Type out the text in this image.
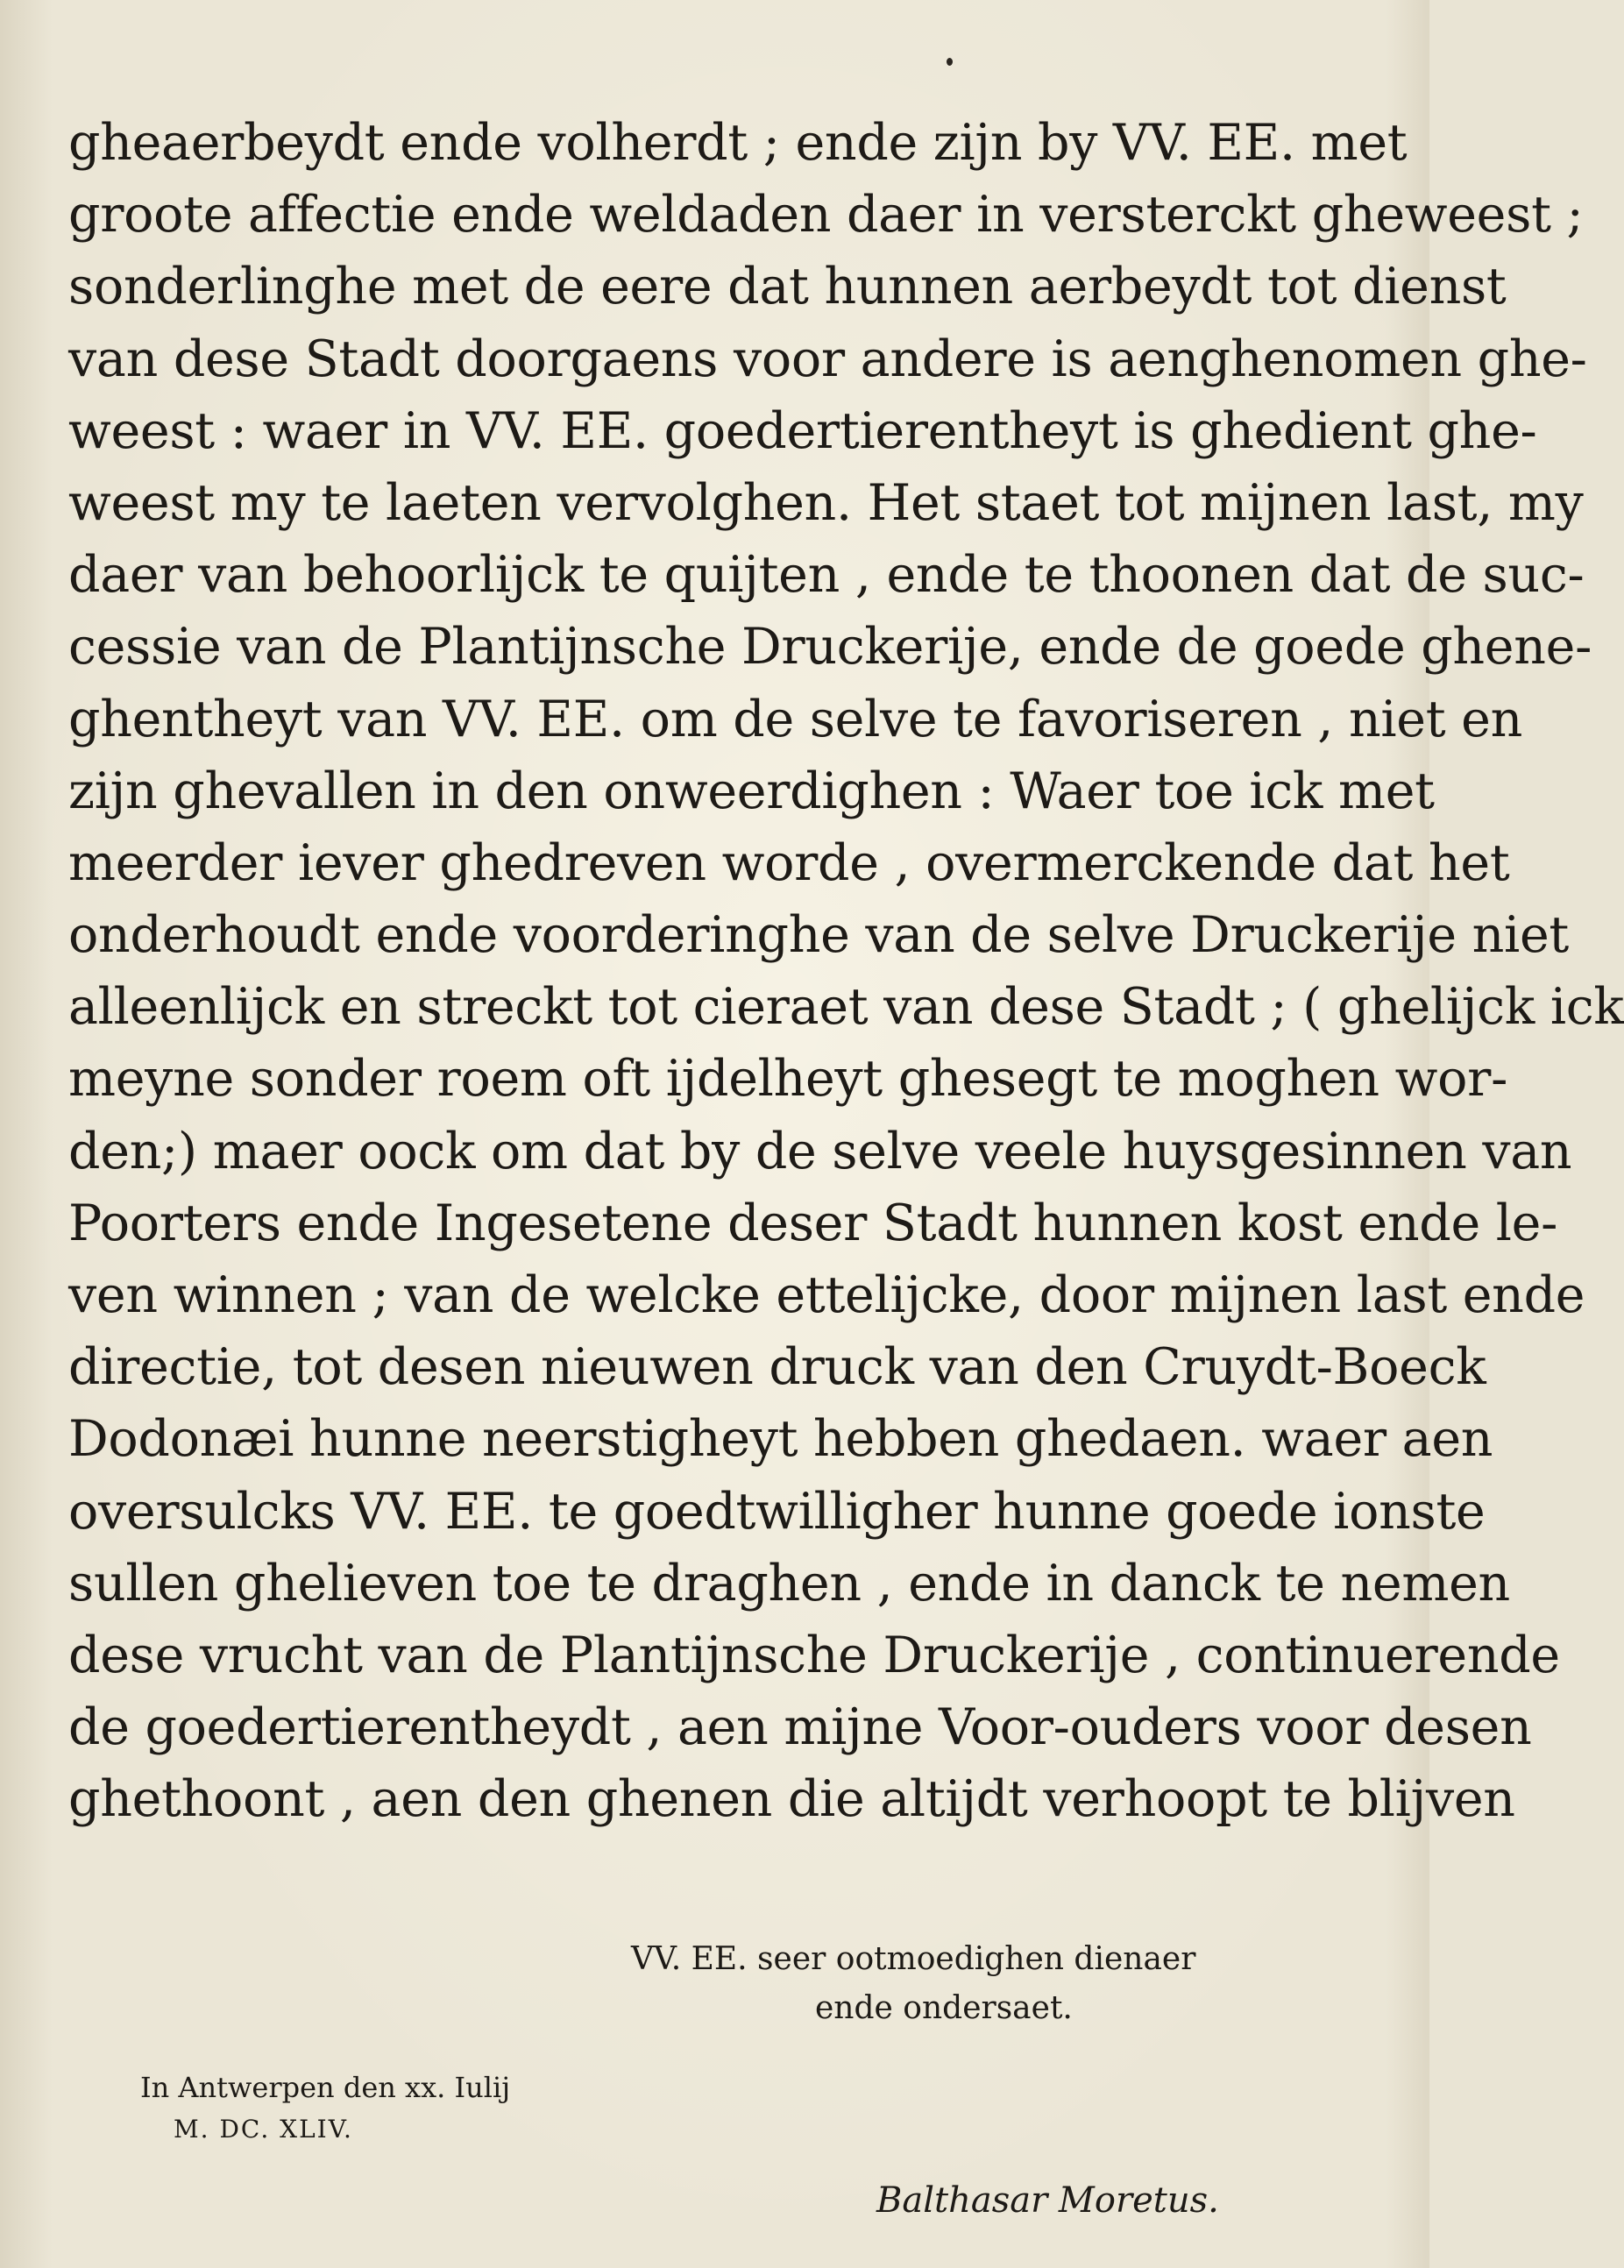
gheaerbeydt ende volherdt ; ende zijn by VV. EE. met
groote affectie ende weldaden daer in versterckt gheweest ;
sonderlinghe met de eere dat hunnen aerbeydt tot dienst
van dese Stadt doorgaens voor andere is aenghenomen ghe-
weest : waer in VV. EE. goedertierentheyt is ghedient ghe-
weest my te laeten vervolghen. Het staet tot mijnen last, my
daer van behoorlijck te quijten , ende te thoonen dat de suc-
cessie van de Plantijnsche Druckerije, ende de goede ghene-
ghentheyt van VV. EE. om de selve te favoriseren , niet en
zijn ghevallen in den onweerdighen : Waer toe ick met
meerder iever ghedreven worde , overmerckende dat het
onderhoudt ende voorderinghe van de selve Druckerije niet
alleenlijck en streckt tot cieraet van dese Stadt ; ( ghelijck ick
meyne sonder roem oft ijdelheyt ghesegt te moghen wor-
den;) maer oock om dat by de selve veele huysgesinnen van
Poorters ende Ingesetene deser Stadt hunnen kost ende le-
ven winnen ; van de welcke ettelijcke, door mijnen last ende
directie, tot desen nieuwen druck van den Cruydt-Boeck
Dodonæi hunne neerstigheyt hebben ghedaen. waer aen
oversulcks VV. EE. te goedtwilligher hunne goede ionste
sullen ghelieven toe te draghen , ende in danck te nemen
dese vrucht van de Plantijnsche Druckerije , continuerende
de goedertierentheydt , aen mijne Voor-ouders voor desen
ghethoont , aen den ghenen die altijdt verhoopt te blijven
VV. EE. seer ootmoedighen dienaer
ende ondersaet.
In Antwerpen den xx. Iulij
M. DC. XLIV.
Balthasar Moretus.
